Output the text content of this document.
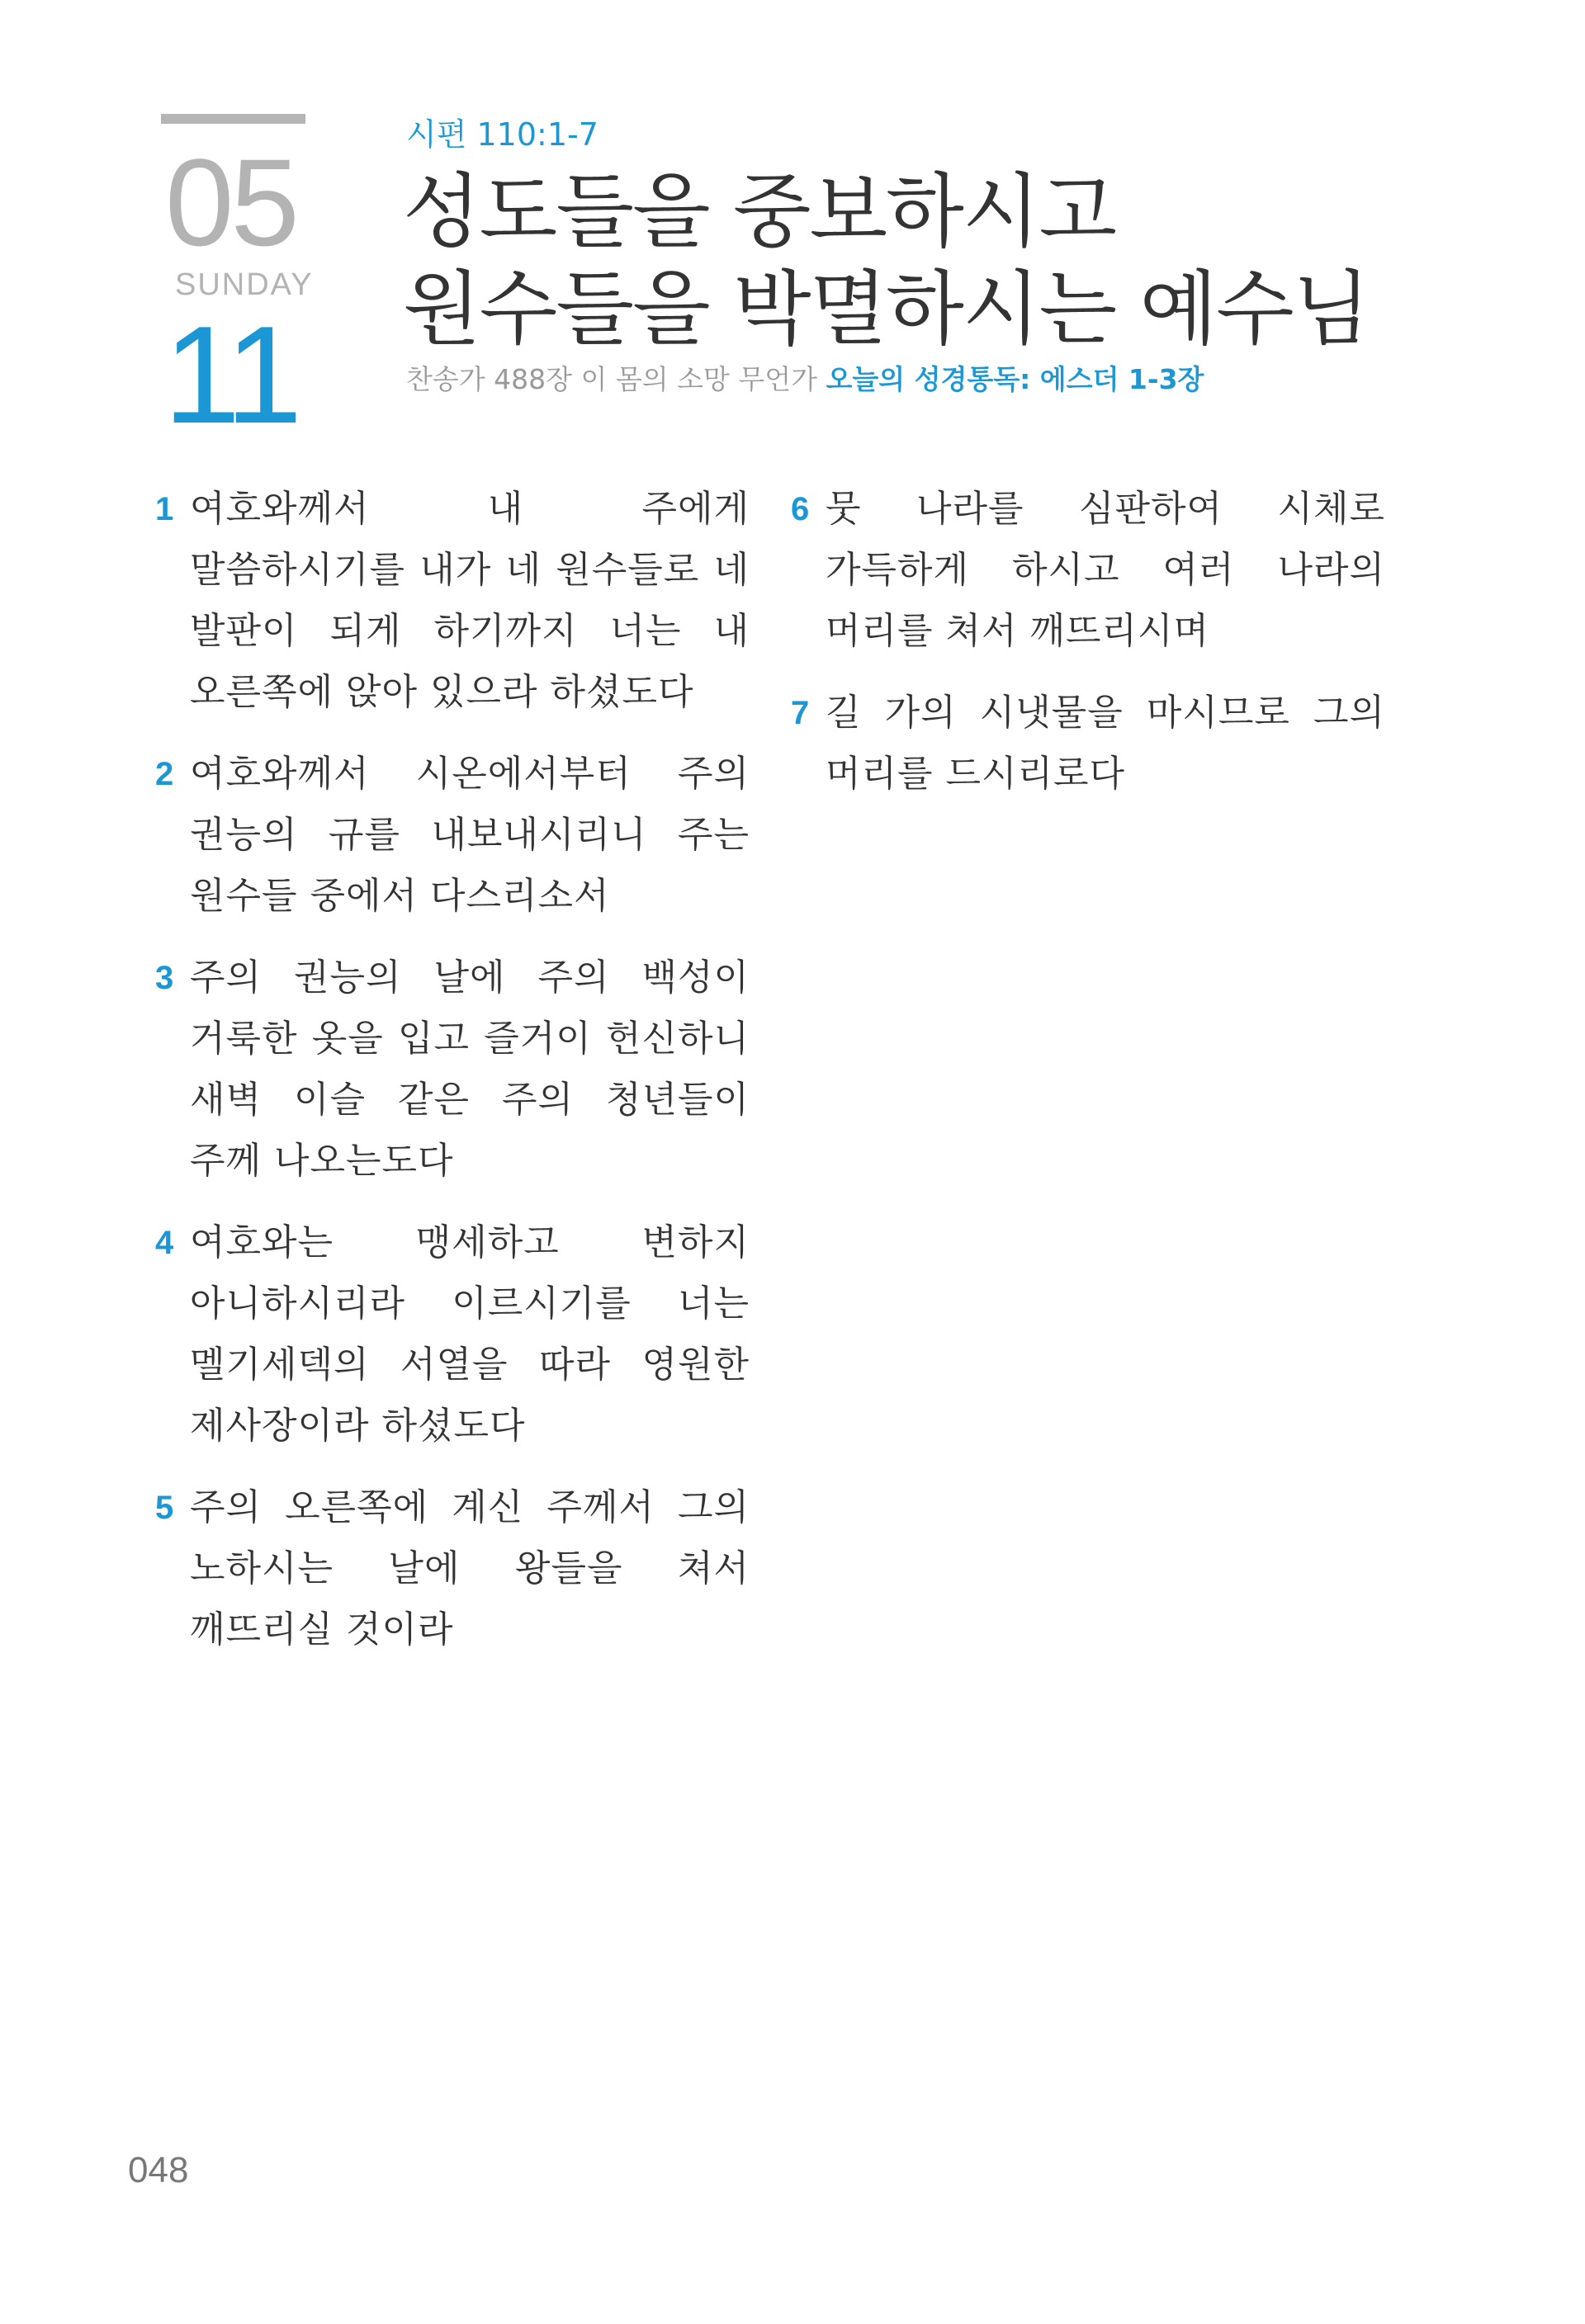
05
SUNDAY
11
시편 110:1-7
성도들을 중보하시고
원수들을 박멸하시는 예수님
찬송가 488장 이 몸의 소망 무언가 오늘의 성경통독: 에스더 1-3장
1 여호와께서 내 주에게 말씀하시기를 내가 네 원수들로 네 발판이 되게 하기까지 너는 내 오른쪽에 앉아 있으라 하셨도다
2 여호와께서 시온에서부터 주의 권능의 규를 내보내시리니 주는 원수들 중에서 다스리소서
3 주의 권능의 날에 주의 백성이 거룩한 옷을 입고 즐거이 헌신하니 새벽 이슬 같은 주의 청년들이 주께 나오는도다
4 여호와는 맹세하고 변하지 아니하시리라 이르시기를 너는 멜기세덱의 서열을 따라 영원한 제사장이라 하셨도다
5 주의 오른쪽에 계신 주께서 그의 노하시는 날에 왕들을 쳐서 깨뜨리실 것이라
6 뭇 나라를 심판하여 시체로 가득하게 하시고 여러 나라의 머리를 쳐서 깨뜨리시며
7 길 가의 시냇물을 마시므로 그의 머리를 드시리로다
048
